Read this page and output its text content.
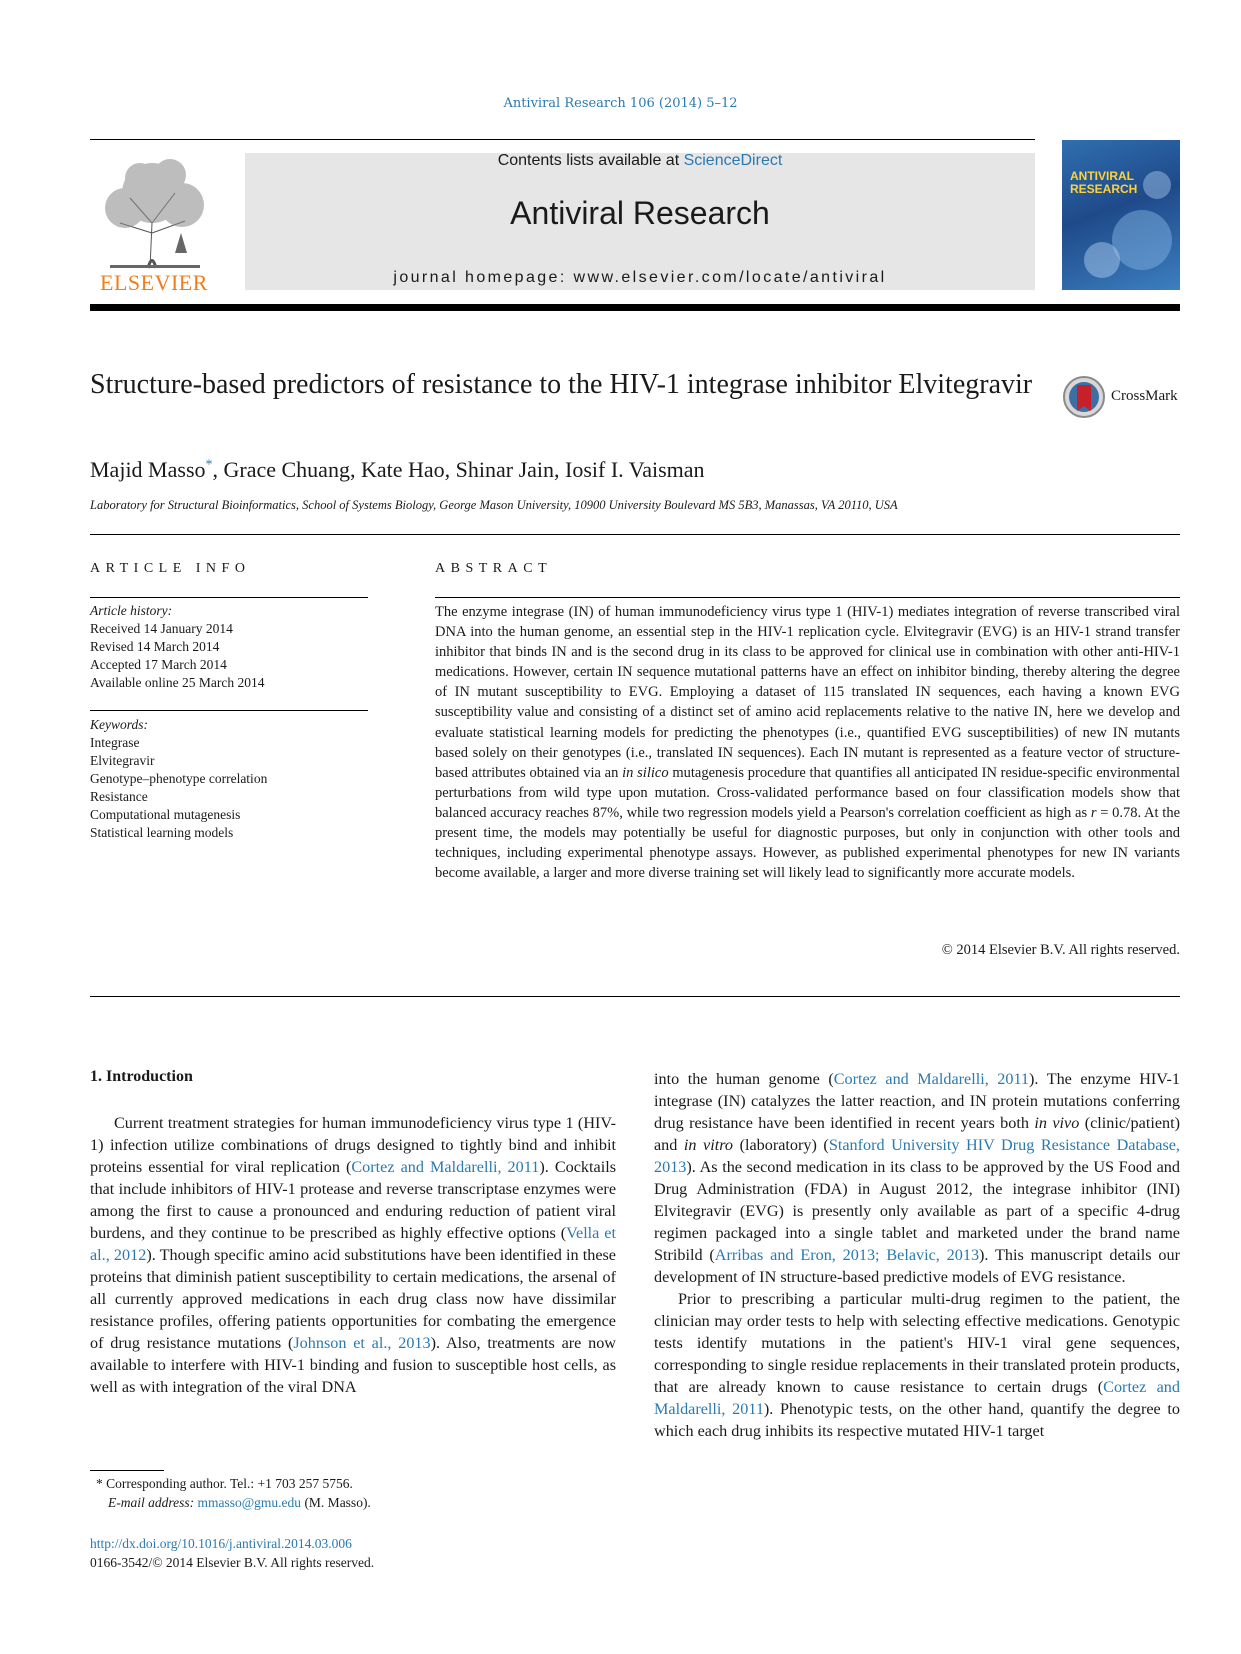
Antiviral Research 106 (2014) 5–12
ELSEVIER
Contents lists available at ScienceDirect
Antiviral Research
journal homepage: www.elsevier.com/locate/antiviral
ANTIVIRAL RESEARCH
Structure-based predictors of resistance to the HIV-1 integrase inhibitor Elvitegravir	CrossMark
Majid Masso*, Grace Chuang, Kate Hao, Shinar Jain, Iosif I. Vaisman
Laboratory for Structural Bioinformatics, School of Systems Biology, George Mason University, 10900 University Boulevard MS 5B3, Manassas, VA 20110, USA
ARTICLE INFO	ABSTRACT
Article history:
Received 14 January 2014
Revised 14 March 2014
Accepted 17 March 2014
Available online 25 March 2014
Keywords:
Integrase
Elvitegravir
Genotype–phenotype correlation
Resistance
Computational mutagenesis
Statistical learning models
The enzyme integrase (IN) of human immunodeficiency virus type 1 (HIV-1) mediates integration of reverse transcribed viral DNA into the human genome, an essential step in the HIV-1 replication cycle. Elvitegravir (EVG) is an HIV-1 strand transfer inhibitor that binds IN and is the second drug in its class to be approved for clinical use in combination with other anti-HIV-1 medications. However, certain IN sequence mutational patterns have an effect on inhibitor binding, thereby altering the degree of IN mutant susceptibility to EVG. Employing a dataset of 115 translated IN sequences, each having a known EVG susceptibility value and consisting of a distinct set of amino acid replacements relative to the native IN, here we develop and evaluate statistical learning models for predicting the phenotypes (i.e., quantified EVG susceptibilities) of new IN mutants based solely on their genotypes (i.e., translated IN sequences). Each IN mutant is represented as a feature vector of structure-based attributes obtained via an in silico mutagenesis procedure that quantifies all anticipated IN residue-specific environmental perturbations from wild type upon mutation. Cross-validated performance based on four classification models show that balanced accuracy reaches 87%, while two regression models yield a Pearson's correlation coefficient as high as r = 0.78. At the present time, the models may potentially be useful for diagnostic purposes, but only in conjunction with other tools and techniques, including experimental phenotype assays. However, as published experimental phenotypes for new IN variants become available, a larger and more diverse training set will likely lead to significantly more accurate models.
© 2014 Elsevier B.V. All rights reserved.
1. Introduction

Current treatment strategies for human immunodeficiency virus type 1 (HIV-1) infection utilize combinations of drugs designed to tightly bind and inhibit proteins essential for viral replication (Cortez and Maldarelli, 2011). Cocktails that include inhibitors of HIV-1 protease and reverse transcriptase enzymes were among the first to cause a pronounced and enduring reduction of patient viral burdens, and they continue to be prescribed as highly effective options (Vella et al., 2012). Though specific amino acid substitutions have been identified in these proteins that diminish patient susceptibility to certain medications, the arsenal of all currently approved medications in each drug class now have dissimilar resistance profiles, offering patients opportunities for combating the emergence of drug resistance mutations (Johnson et al., 2013). Also, treatments are now available to interfere with HIV-1 binding and fusion to susceptible host cells, as well as with integration of the viral DNA

into the human genome (Cortez and Maldarelli, 2011). The enzyme HIV-1 integrase (IN) catalyzes the latter reaction, and IN protein mutations conferring drug resistance have been identified in recent years both in vivo (clinic/patient) and in vitro (laboratory) (Stanford University HIV Drug Resistance Database, 2013). As the second medication in its class to be approved by the US Food and Drug Administration (FDA) in August 2012, the integrase inhibitor (INI) Elvitegravir (EVG) is presently only available as part of a specific 4-drug regimen packaged into a single tablet and marketed under the brand name Stribild (Arribas and Eron, 2013; Belavic, 2013). This manuscript details our development of IN structure-based predictive models of EVG resistance.

Prior to prescribing a particular multi-drug regimen to the patient, the clinician may order tests to help with selecting effective medications. Genotypic tests identify mutations in the patient's HIV-1 viral gene sequences, corresponding to single residue replacements in their translated protein products, that are already known to cause resistance to certain drugs (Cortez and Maldarelli, 2011). Phenotypic tests, on the other hand, quantify the degree to which each drug inhibits its respective mutated HIV-1 target

* Corresponding author. Tel.: +1 703 257 5756.
E-mail address: mmasso@gmu.edu (M. Masso).
http://dx.doi.org/10.1016/j.antiviral.2014.03.006
0166-3542/© 2014 Elsevier B.V. All rights reserved.
